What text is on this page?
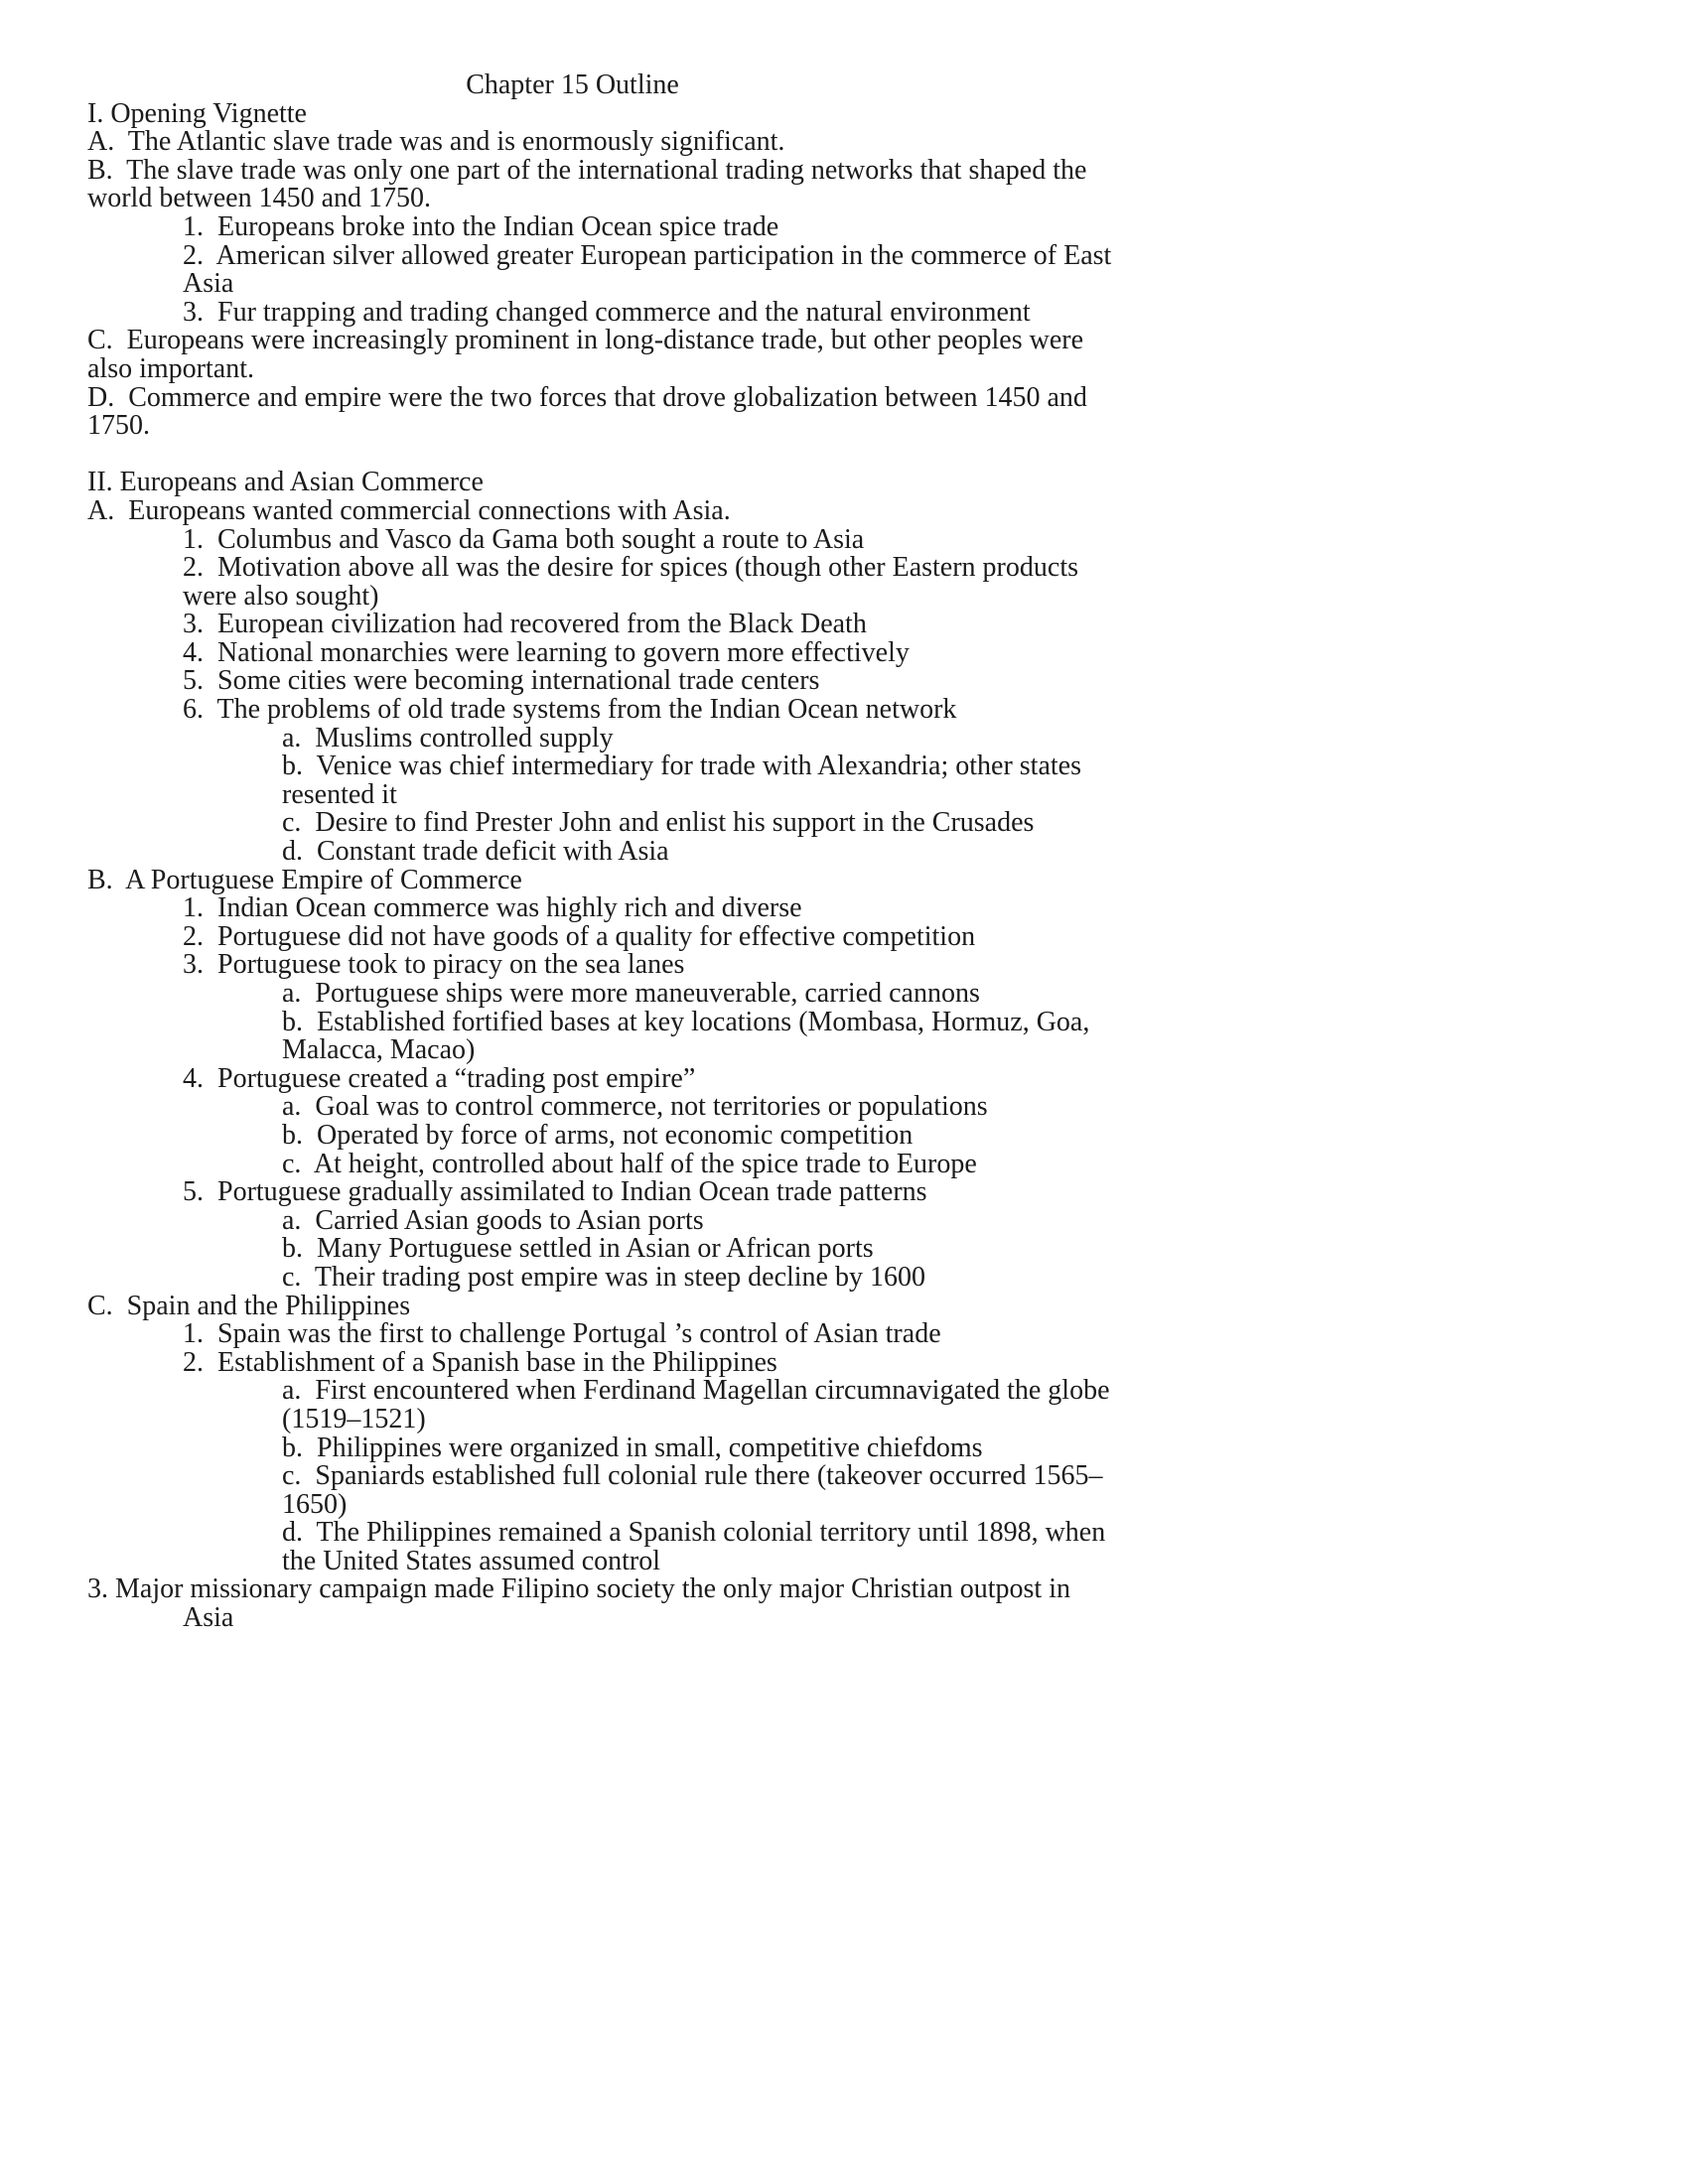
Chapter 15 Outline
I. Opening Vignette
A.  The Atlantic slave trade was and is enormously significant.
B.  The slave trade was only one part of the international trading networks that shaped the world between 1450 and 1750.
1.  Europeans broke into the Indian Ocean spice trade
2.  American silver allowed greater European participation in the commerce of East Asia
3.  Fur trapping and trading changed commerce and the natural environment
C.  Europeans were increasingly prominent in long-distance trade, but other peoples were also important.
D.  Commerce and empire were the two forces that drove globalization between 1450 and 1750.
II. Europeans and Asian Commerce
A.  Europeans wanted commercial connections with Asia.
1.  Columbus and Vasco da Gama both sought a route to Asia
2.  Motivation above all was the desire for spices (though other Eastern products were also sought)
3.  European civilization had recovered from the Black Death
4.  National monarchies were learning to govern more effectively
5.  Some cities were becoming international trade centers
6.  The problems of old trade systems from the Indian Ocean network
a.  Muslims controlled supply
b.  Venice was chief intermediary for trade with Alexandria; other states resented it
c.  Desire to find Prester John and enlist his support in the Crusades
d.  Constant trade deficit with Asia
B.  A Portuguese Empire of Commerce
1.  Indian Ocean commerce was highly rich and diverse
2.  Portuguese did not have goods of a quality for effective competition
3.  Portuguese took to piracy on the sea lanes
a.  Portuguese ships were more maneuverable, carried cannons
b.  Established fortified bases at key locations (Mombasa, Hormuz, Goa, Malacca, Macao)
4.  Portuguese created a “trading post empire”
a.  Goal was to control commerce, not territories or populations
b.  Operated by force of arms, not economic competition
c.  At height, controlled about half of the spice trade to Europe
5.  Portuguese gradually assimilated to Indian Ocean trade patterns
a.  Carried Asian goods to Asian ports
b.  Many Portuguese settled in Asian or African ports
c.  Their trading post empire was in steep decline by 1600
C.  Spain and the Philippines
1.  Spain was the first to challenge Portugal ’s control of Asian trade
2.  Establishment of a Spanish base in the Philippines
a.  First encountered when Ferdinand Magellan circumnavigated the globe (1519–1521)
b.  Philippines were organized in small, competitive chiefdoms
c.  Spaniards established full colonial rule there (takeover occurred 1565–1650)
d.  The Philippines remained a Spanish colonial territory until 1898, when the United States assumed control
3. Major missionary campaign made Filipino society the only major Christian outpost in Asia
